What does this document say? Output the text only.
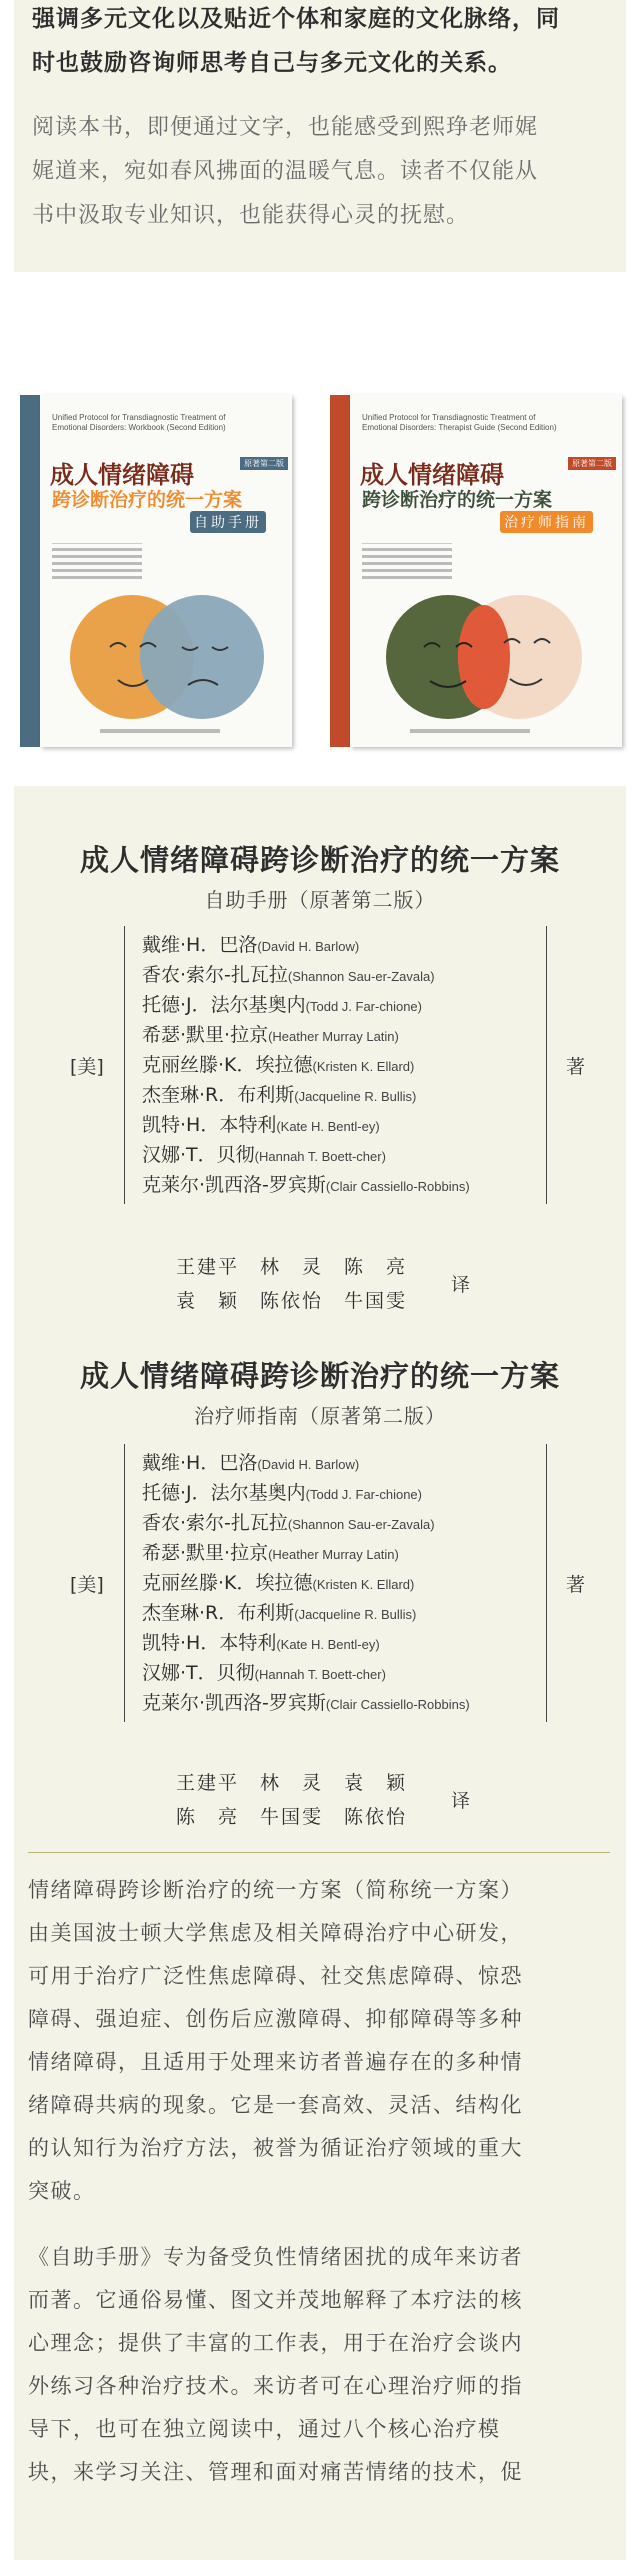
强调多元文化以及贴近个体和家庭的文化脉络，同
时也鼓励咨询师思考自己与多元文化的关系。
阅读本书，即便通过文字，也能感受到熙琤老师娓
娓道来，宛如春风拂面的温暖气息。读者不仅能从
书中汲取专业知识，也能获得心灵的抚慰。
Unified Protocol for Transdiagnostic Treatment of
Emotional Disorders: Workbook (Second Edition)
原著第二版
成人情绪障碍
跨诊断治疗的统一方案
自助手册
Unified Protocol for Transdiagnostic Treatment of
Emotional Disorders: Therapist Guide (Second Edition)
原著第二版
成人情绪障碍
跨诊断治疗的统一方案
治疗师指南
成人情绪障碍跨诊断治疗的统一方案
自助手册（原著第二版）
[美]	著
戴维·H．巴洛(David H. Barlow)
香农·索尔-扎瓦拉(Shannon Sau-er-Zavala)
托德·J．法尔基奥内(Todd J. Far-chione)
希瑟·默里·拉京(Heather Murray Latin)
克丽丝滕·K．埃拉德(Kristen K. Ellard)
杰奎琳·R．布利斯(Jacqueline R. Bullis)
凯特·H．本特利(Kate H. Bentl-ey)
汉娜·T．贝彻(Hannah T. Boett-cher)
克莱尔·凯西洛-罗宾斯(Clair Cassiello-Robbins)
王建平　林　灵　陈　亮
袁　颖　陈依怡　牛国雯
译
成人情绪障碍跨诊断治疗的统一方案
治疗师指南（原著第二版）
[美]	著
戴维·H．巴洛(David H. Barlow)
托德·J．法尔基奥内(Todd J. Far-chione)
香农·索尔-扎瓦拉(Shannon Sau-er-Zavala)
希瑟·默里·拉京(Heather Murray Latin)
克丽丝滕·K．埃拉德(Kristen K. Ellard)
杰奎琳·R．布利斯(Jacqueline R. Bullis)
凯特·H．本特利(Kate H. Bentl-ey)
汉娜·T．贝彻(Hannah T. Boett-cher)
克莱尔·凯西洛-罗宾斯(Clair Cassiello-Robbins)
王建平　林　灵　袁　颖
陈　亮　牛国雯　陈依怡
译
情绪障碍跨诊断治疗的统一方案（简称统一方案）
由美国波士顿大学焦虑及相关障碍治疗中心研发，
可用于治疗广泛性焦虑障碍、社交焦虑障碍、惊恐
障碍、强迫症、创伤后应激障碍、抑郁障碍等多种
情绪障碍，且适用于处理来访者普遍存在的多种情
绪障碍共病的现象。它是一套高效、灵活、结构化
的认知行为治疗方法，被誉为循证治疗领域的重大
突破。
《自助手册》专为备受负性情绪困扰的成年来访者
而著。它通俗易懂、图文并茂地解释了本疗法的核
心理念；提供了丰富的工作表，用于在治疗会谈内
外练习各种治疗技术。来访者可在心理治疗师的指
导下，也可在独立阅读中，通过八个核心治疗模
块，来学习关注、管理和面对痛苦情绪的技术，促
